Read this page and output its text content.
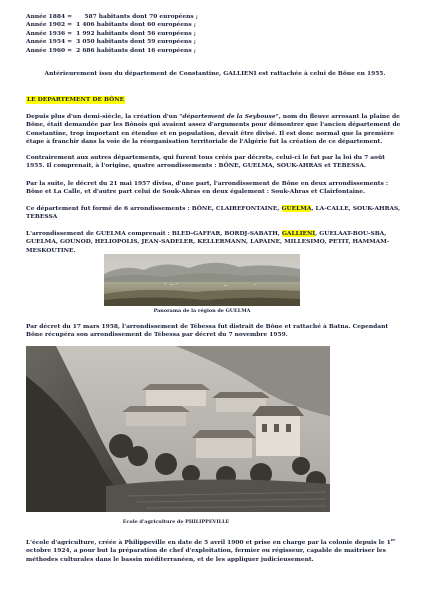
Année 1884 =      587 habitants dont 70 européens ;
Année 1902 =  1 406 habitants dont 60 européens ;
Année 1936 =  1 992 habitants dont 56 européens ;
Année 1954 =  3 050 habitants dont 59 européens ;
Année 1960 =  2 686 habitants dont 16 européens ;
Antérieurement issu du département de Constantine, GALLIENI est rattachée à celui de Bône en 1955.
LE DEPARTEMENT DE BÔNE
Depuis plus d'un demi-siècle, la création d'un "département de la Seybouse", nom du fleuve arrosant la plaine de Bône, était demandée par les Bônois qui avaient assez d'arguments pour démontrer que l'ancien département de Constantine, trop important en étendue et en population, devait être divisé. Il est donc normal que la première étape à franchir dans la voie de la réorganisation territoriale de l'Algérie fut la création de ce département.
Contrairement aux autres départements, qui furent tous créés par décrets, celui-ci le fut par la loi du 7 août 1955. Il comprenait, à l'origine, quatre arrondissements : BÔNE, GUELMA, SOUK-AHRAS et TEBESSA.
Par la suite, le décret du 21 mai 1957 divisa, d'une part, l'arrondissement de Bône en deux arrondissements : Bône et La Calle, et d'autre part celui de Souk-Ahras en deux également : Souk-Ahras et Clairfontaine.
Ce département fut formé de 6 arrondissements : BÔNE, CLAIREFONTAINE, GUELMA, LA-CALLE, SOUK-AHRAS, TEBESSA
L'arrondissement de GUELMA comprenait : BLED-GAFFAR, BORDJ-SABATH, GALLIENI, GUELAAT-BOU-SBA, GUELMA, GOUNOD, HELIOPOLIS, JEAN-SADELER, KELLERMANN, LAPAINE, MILLESIMO, PETIT, HAMMAM-MESKOUTINE.
Panorama de la région de GUELMA
Par décret du 17 mars 1958, l'arrondissement de Tébessa fut distrait de Bône et rattaché à Batna. Cependant Bône récupéra son arrondissement de Tébessa par décret du 7 novembre 1959.
Ecole d'agriculture de PHILIPPEVILLE
L'école d'agriculture, créée à Philippeville en date de 5 avril 1900 et prise en charge par la colonie depuis le 1er octobre 1924, a pour but la préparation de chef d'exploitation, fermier ou régisseur, capable de maitriser les méthodes culturales dans le bassin méditerranéen, et de les appliquer judicieusement.
